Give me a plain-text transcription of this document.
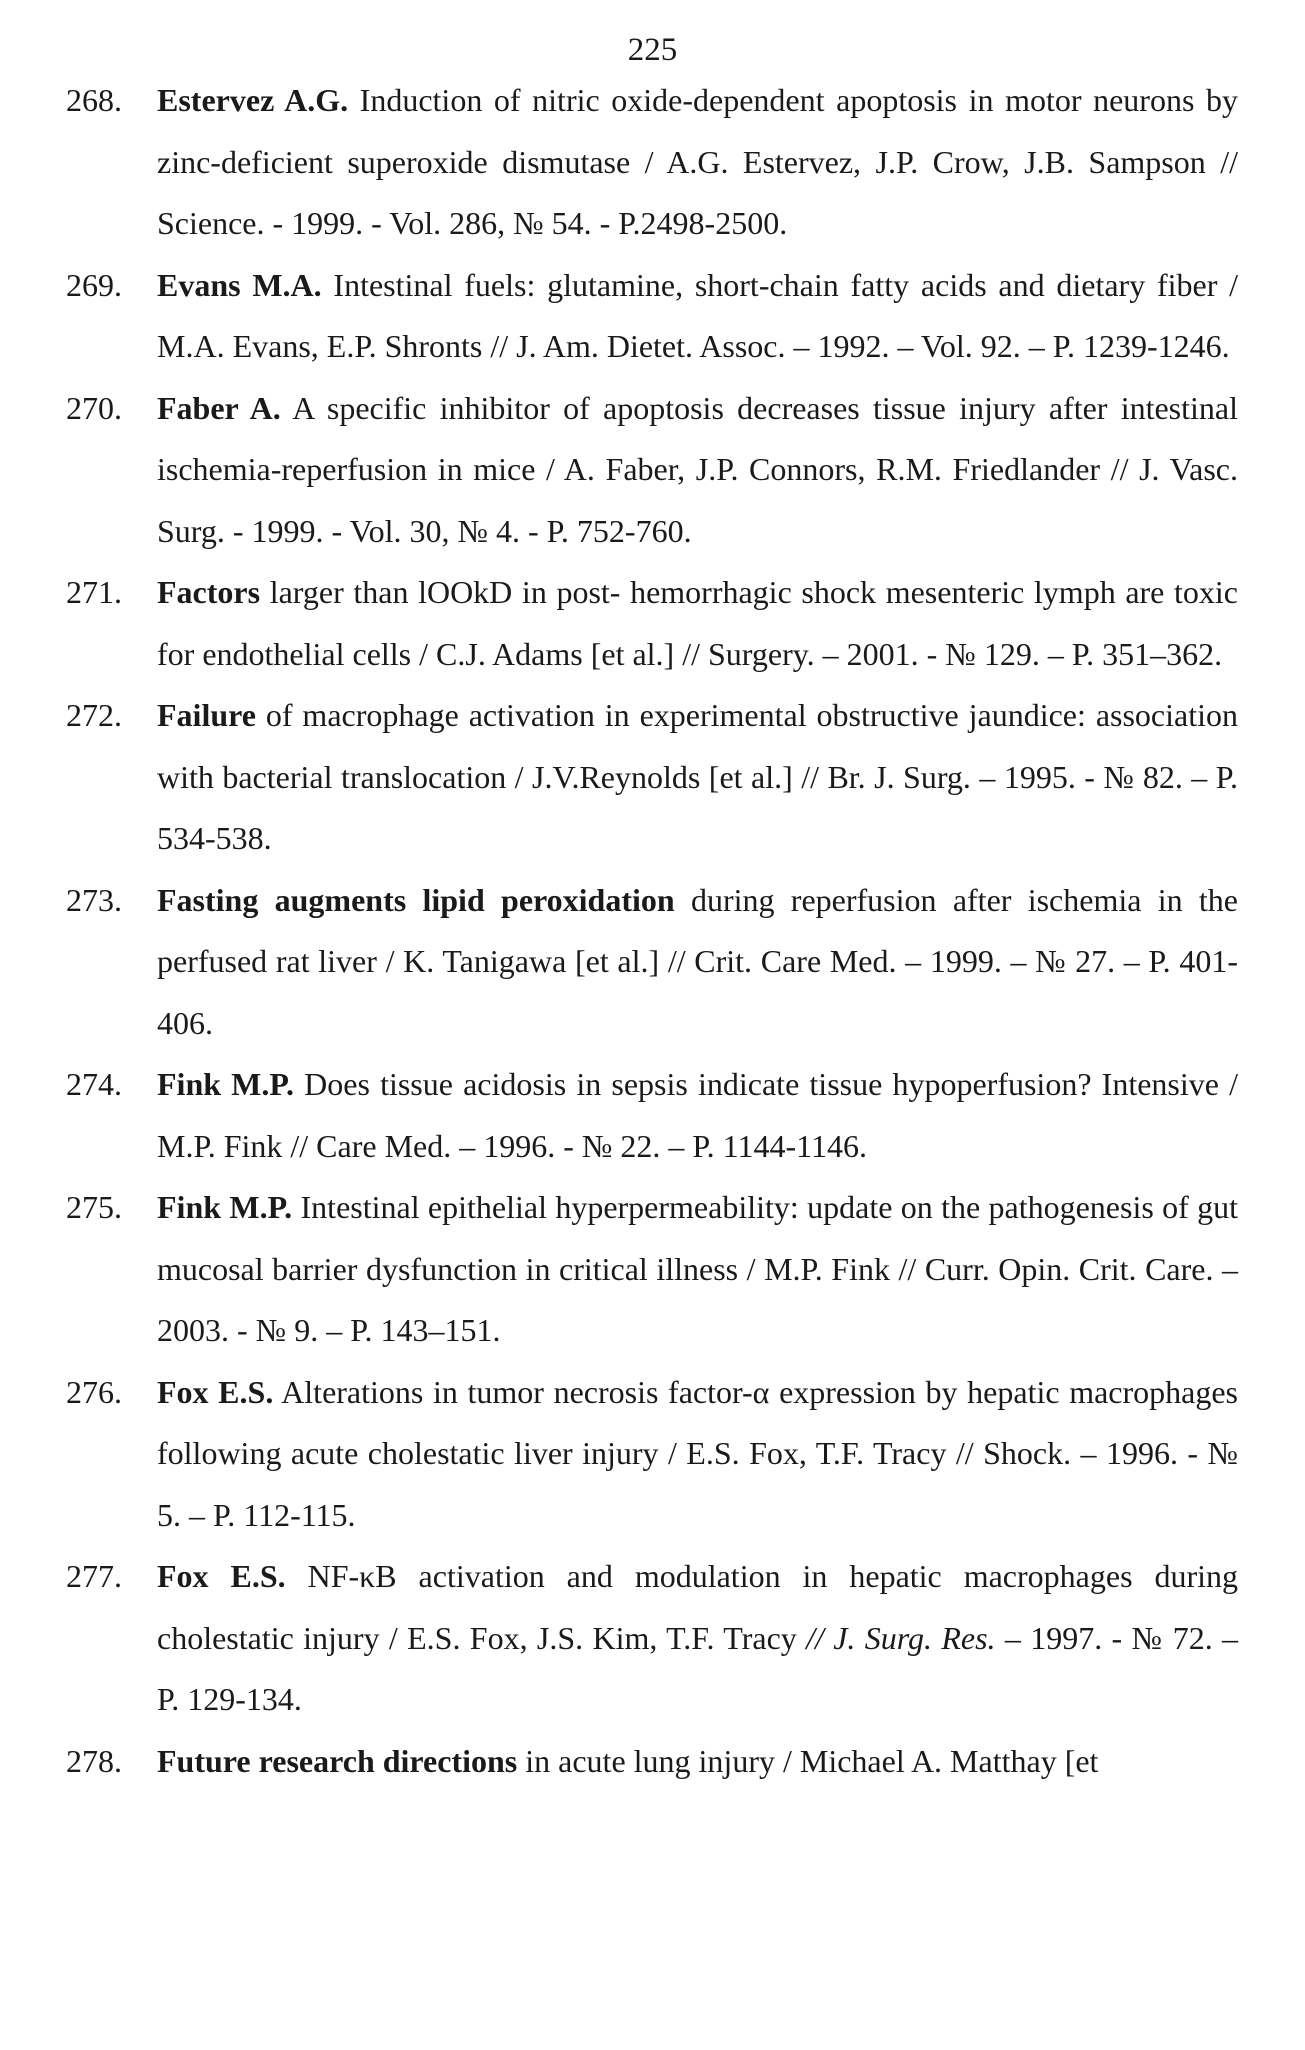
225
268. Estervez A.G. Induction of nitric oxide-dependent apoptosis in motor neurons by zinc-deficient superoxide dismutase / A.G. Estervez, J.P. Crow, J.B. Sampson // Science. - 1999. - Vol. 286, № 54. - P.2498-2500.
269. Evans M.A. Intestinal fuels: glutamine, short-chain fatty acids and dietary fiber / M.A. Evans, E.P. Shronts // J. Am. Dietet. Assoc. – 1992. – Vol. 92. – P. 1239-1246.
270. Faber A. A specific inhibitor of apoptosis decreases tissue injury after intestinal ischemia-reperfusion in mice / A. Faber, J.P. Connors, R.M. Friedlander // J. Vasc. Surg. - 1999. - Vol. 30, № 4. - P. 752-760.
271. Factors larger than lOOkD in post- hemorrhagic shock mesenteric lymph are toxic for endothelial cells / C.J. Adams [et al.] // Surgery. – 2001. - № 129. – P. 351–362.
272. Failure of macrophage activation in experimental obstructive jaundice: association with bacterial translocation / J.V.Reynolds [et al.] // Br. J. Surg. – 1995. - № 82. – P. 534-538.
273. Fasting augments lipid peroxidation during reperfusion after ischemia in the perfused rat liver / K. Tanigawa [et al.] // Crit. Care Med. – 1999. – № 27. – P. 401-406.
274. Fink M.P. Does tissue acidosis in sepsis indicate tissue hypoperfusion? Intensive / M.P. Fink // Care Med. – 1996. - № 22. – P. 1144-1146.
275. Fink M.P. Intestinal epithelial hyperpermeability: update on the pathogenesis of gut mucosal barrier dysfunction in critical illness / M.P. Fink // Curr. Opin. Crit. Care. – 2003. - № 9. – P. 143–151.
276. Fox E.S. Alterations in tumor necrosis factor-α expression by hepatic macrophages following acute cholestatic liver injury / E.S. Fox, T.F. Tracy // Shock. – 1996. - № 5. – P. 112-115.
277. Fox E.S. NF-κB activation and modulation in hepatic macrophages during cholestatic injury / E.S. Fox, J.S. Kim, T.F. Tracy // J. Surg. Res. – 1997. - № 72. – P. 129-134.
278. Future research directions in acute lung injury / Michael A. Matthay [et
